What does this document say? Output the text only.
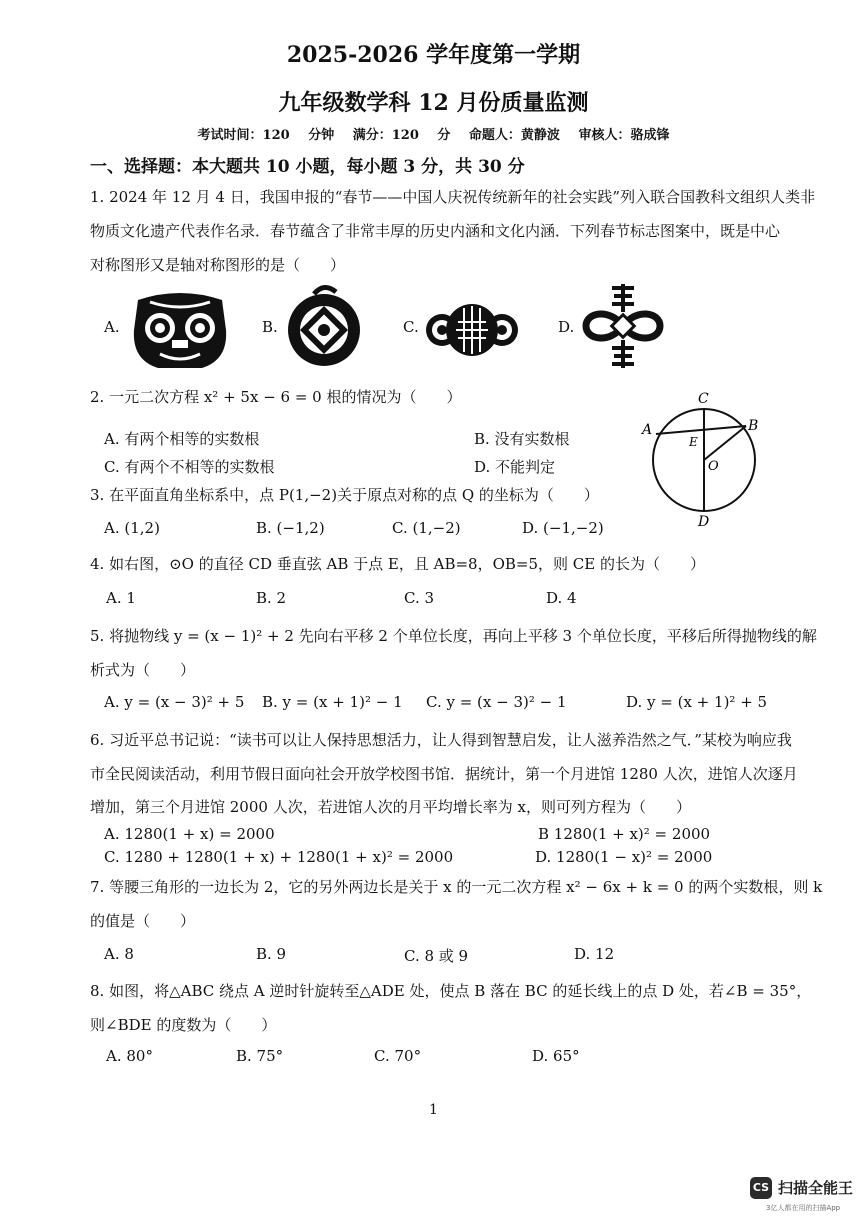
2025-2026 学年度第一学期
九年级数学科 12 月份质量监测
考试时间：120 分钟 满分：120 分 命题人：黄静波 审核人：骆成锋
一、选择题：本大题共 10 小题，每小题 3 分，共 30 分
1. 2024 年 12 月 4 日，我国申报的“春节——中国人庆祝传统新年的社会实践”列入联合国教科文组织人类非
物质文化遗产代表作名录．春节蕴含了非常丰厚的历史内涵和文化内涵．下列春节标志图案中，既是中心
对称图形又是轴对称图形的是（　　）
A.	B.	C.	D.
2. 一元二次方程 x² + 5x − 6 = 0 根的情况为（　　）
A. 有两个相等的实数根	B. 没有实数根
C. 有两个不相等的实数根	D. 不能判定
C
A	B
E
O
D
3. 在平面直角坐标系中，点 P(1,−2)关于原点对称的点 Q 的坐标为（　　）
A. (1,2)	B. (−1,2)	C. (1,−2)	D. (−1,−2)
4. 如右图，⊙O 的直径 CD 垂直弦 AB 于点 E，且 AB=8，OB=5，则 CE 的长为（　　）
A. 1	B. 2	C. 3	D. 4
5. 将抛物线 y = (x − 1)² + 2 先向右平移 2 个单位长度，再向上平移 3 个单位长度，平移后所得抛物线的解
析式为（　　）
A. y = (x − 3)² + 5 B. y = (x + 1)² − 1 C. y = (x − 3)² − 1	D. y = (x + 1)² + 5
6. 习近平总书记说：“读书可以让人保持思想活力，让人得到智慧启发，让人滋养浩然之气．”某校为响应我
市全民阅读活动，利用节假日面向社会开放学校图书馆．据统计，第一个月进馆 1280 人次，进馆人次逐月
增加，第三个月进馆 2000 人次，若进馆人次的月平均增长率为 x，则可列方程为（　　）
A. 1280(1 + x) = 2000	B 1280(1 + x)² = 2000
C. 1280 + 1280(1 + x) + 1280(1 + x)² = 2000	D. 1280(1 − x)² = 2000
7. 等腰三角形的一边长为 2，它的另外两边长是关于 x 的一元二次方程 x² − 6x + k = 0 的两个实数根，则 k
的值是（　　）
A. 8	B. 9	C. 8 或 9	D. 12
8. 如图，将△ABC 绕点 A 逆时针旋转至△ADE 处，使点 B 落在 BC 的延长线上的点 D 处，若∠B = 35°，
则∠BDE 的度数为（　　）
A. 80°	B. 75°	C. 70°	D. 65°
1
CS 扫描全能王
3亿人都在用的扫描App
